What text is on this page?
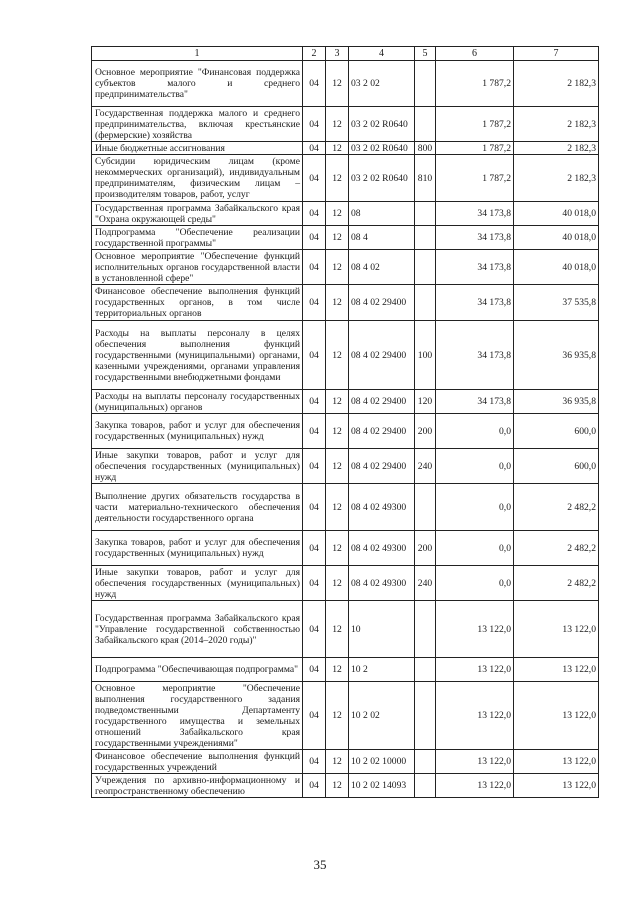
1	2	3	4	5	6	7
Основное мероприятие "Финансовая поддержка субъектов малого и среднего предпринимательства"	04	12	03 2 02		1 787,2	2 182,3
Государственная поддержка малого и среднего предпринимательства, включая крестьянские (фермерские) хозяйства	04	12	03 2 02 R0640		1 787,2	2 182,3
Иные бюджетные ассигнования	04	12	03 2 02 R0640	800	1 787,2	2 182,3
Субсидии юридическим лицам (кроме некоммерческих организаций), индивидуальным предпринимателям, физическим лицам – производителям товаров, работ, услуг	04	12	03 2 02 R0640	810	1 787,2	2 182,3
Государственная программа Забайкальского края "Охрана окружающей среды"	04	12	08		34 173,8	40 018,0
Подпрограмма "Обеспечение реализации государственной программы"	04	12	08 4		34 173,8	40 018,0
Основное мероприятие "Обеспечение функций исполнительных органов государственной власти в установленной сфере"	04	12	08 4 02		34 173,8	40 018,0
Финансовое обеспечение выполнения функций государственных органов, в том числе территориальных органов	04	12	08 4 02 29400		34 173,8	37 535,8
Расходы на выплаты персоналу в целях обеспечения выполнения функций государственными (муниципальными) органами, казенными учреждениями, органами управления государственными внебюджетными фондами	04	12	08 4 02 29400	100	34 173,8	36 935,8
Расходы на выплаты персоналу государственных (муниципальных) органов	04	12	08 4 02 29400	120	34 173,8	36 935,8
Закупка товаров, работ и услуг для обеспечения государственных (муниципальных) нужд	04	12	08 4 02 29400	200	0,0	600,0
Иные закупки товаров, работ и услуг для обеспечения государственных (муниципальных) нужд	04	12	08 4 02 29400	240	0,0	600,0
Выполнение других обязательств государства в части материально-технического обеспечения деятельности государственного органа	04	12	08 4 02 49300		0,0	2 482,2
Закупка товаров, работ и услуг для обеспечения государственных (муниципальных) нужд	04	12	08 4 02 49300	200	0,0	2 482,2
Иные закупки товаров, работ и услуг для обеспечения государственных (муниципальных) нужд	04	12	08 4 02 49300	240	0,0	2 482,2
Государственная программа Забайкальского края "Управление государственной собственностью Забайкальского края (2014–2020 годы)"	04	12	10		13 122,0	13 122,0
Подпрограмма "Обеспечивающая подпрограмма"	04	12	10 2		13 122,0	13 122,0
Основное мероприятие "Обеспечение выполнения государственного задания подведомственными Департаменту государственного имущества и земельных отношений Забайкальского края государственными учреждениями"	04	12	10 2 02		13 122,0	13 122,0
Финансовое обеспечение выполнения функций государственных учреждений	04	12	10 2 02 10000		13 122,0	13 122,0
Учреждения по архивно-информационному и геопространственному обеспечению	04	12	10 2 02 14093		13 122,0	13 122,0
35
